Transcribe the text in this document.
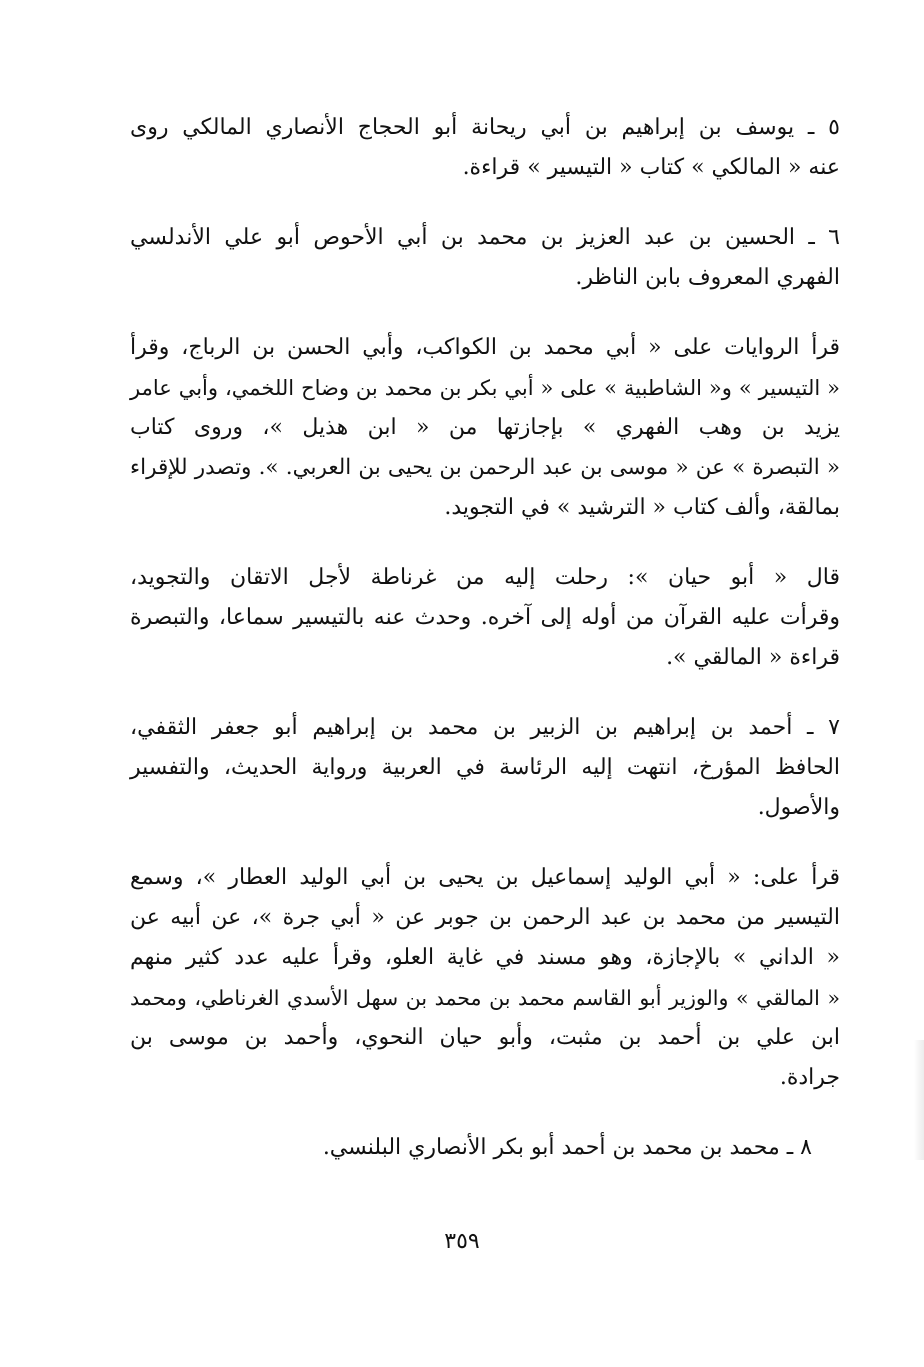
٥ ـ يوسف بن إبراهيم بن أبي ريحانة أبو الحجاج الأنصاري المالكي روى
عنه « المالكي » كتاب « التيسير » قراءة.
٦ ـ الحسين بن عبد العزيز بن محمد بن أبي الأحوص أبو علي الأندلسي
الفهري المعروف بابن الناظر.
قرأ الروايات على « أبي محمد بن الكواكب، وأبي الحسن بن الرباج، وقرأ
« التيسير » و« الشاطبية » على « أبي بكر بن محمد بن وضاح اللخمي، وأبي عامر
يزيد بن وهب الفهري » بإجازتها من « ابن هذيل »، وروى كتاب
« التبصرة » عن « موسى بن عبد الرحمن بن يحيى بن العربي. ». وتصدر للإقراء
بمالقة، وألف كتاب « الترشيد » في التجويد.
قال « أبو حيان »: رحلت إليه من غرناطة لأجل الاتقان والتجويد،
وقرأت عليه القرآن من أوله إلى آخره. وحدث عنه بالتيسير سماعا، والتبصرة
قراءة « المالقي ».
٧ ـ أحمد بن إبراهيم بن الزبير بن محمد بن إبراهيم أبو جعفر الثقفي،
الحافظ المؤرخ، انتهت إليه الرئاسة في العربية ورواية الحديث، والتفسير
والأصول.
قرأ على: « أبي الوليد إسماعيل بن يحيى بن أبي الوليد العطار »، وسمع
التيسير من محمد بن عبد الرحمن بن جوبر عن « أبي جرة »، عن أبيه عن
« الداني » بالإجازة، وهو مسند في غاية العلو، وقرأ عليه عدد كثير منهم
« المالقي » والوزير أبو القاسم محمد بن محمد بن سهل الأسدي الغرناطي، ومحمد
ابن علي بن أحمد بن مثبت، وأبو حيان النحوي، وأحمد بن موسى بن
جرادة.
٨ ـ محمد بن محمد بن أحمد أبو بكر الأنصاري البلنسي.
٣٥٩
